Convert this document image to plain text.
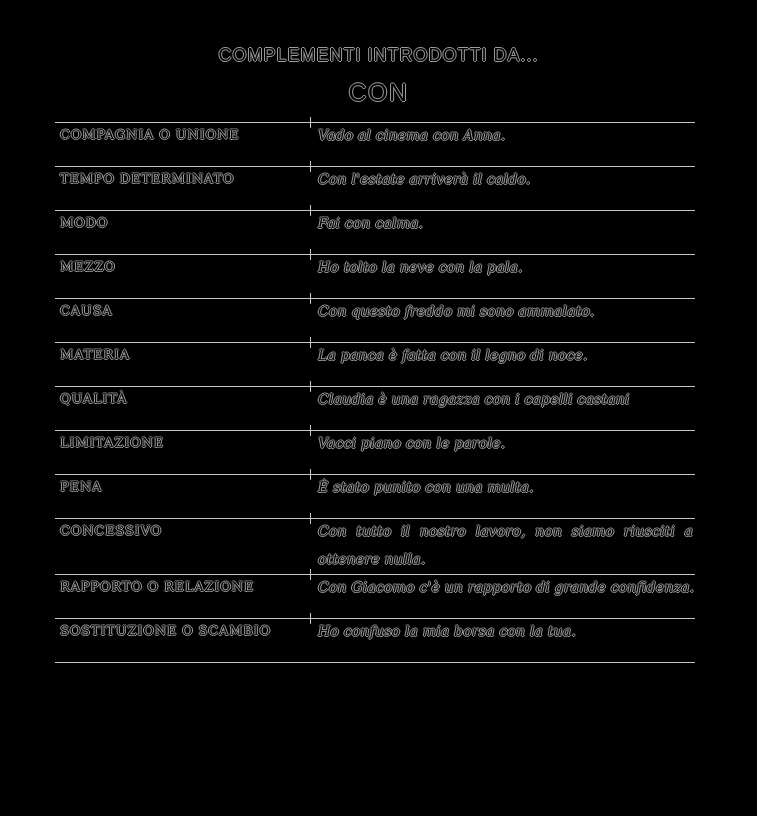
COMPLEMENTI INTRODOTTI DA...
CON
COMPAGNIA O UNIONE	Vado al cinema con Anna.
TEMPO DETERMINATO	Con l'estate arriverà il caldo.
MODO	Fai con calma.
MEZZO	Ho tolto la neve con la pala.
CAUSA	Con questo freddo mi sono ammalato.
MATERIA	La panca è fatta con il legno di noce.
QUALITÀ	Claudia è una ragazza con i capelli castani
LIMITAZIONE	Vacci piano con le parole.
PENA	È stato punito con una multa.
CONCESSIVO	Con tutto il nostro lavoro, non siamo riusciti a
ottenere nulla.
RAPPORTO O RELAZIONE	Con Giacomo c'è un rapporto di grande confidenza.
SOSTITUZIONE O SCAMBIO	Ho confuso la mia borsa con la tua.
